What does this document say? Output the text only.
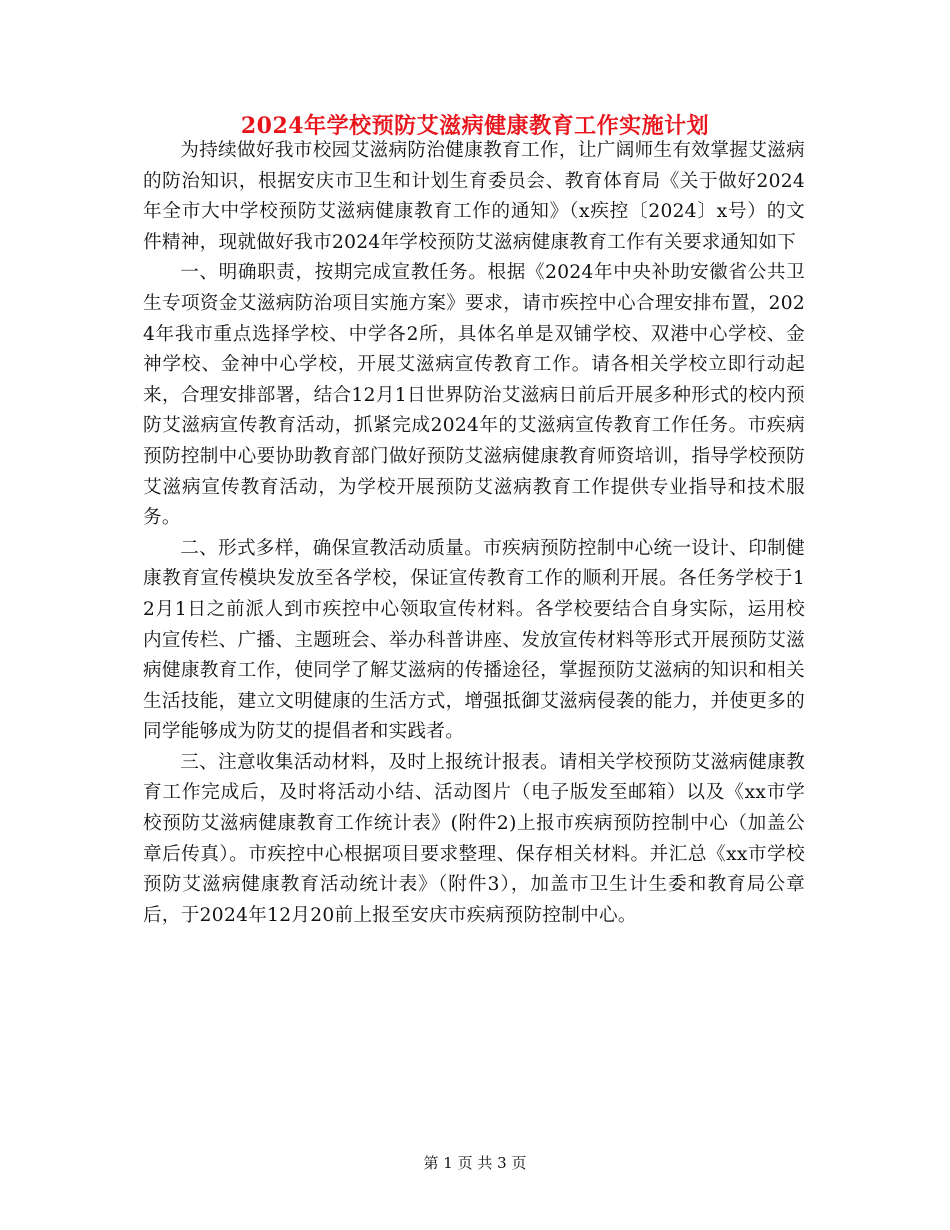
2024年学校预防艾滋病健康教育工作实施计划

为持续做好我市校园艾滋病防治健康教育工作，让广阔师生有效掌握艾滋病的防治知识，根据安庆市卫生和计划生育委员会、教育体育局《关于做好2024年全市大中学校预防艾滋病健康教育工作的通知》（x疾控〔2024〕x号）的文件精神，现就做好我市2024年学校预防艾滋病健康教育工作有关要求通知如下

一、明确职责，按期完成宣教任务。根据《2024年中央补助安徽省公共卫生专项资金艾滋病防治项目实施方案》要求，请市疾控中心合理安排布置，2024年我市重点选择学校、中学各2所，具体名单是双铺学校、双港中心学校、金神学校、金神中心学校，开展艾滋病宣传教育工作。请各相关学校立即行动起来，合理安排部署，结合12月1日世界防治艾滋病日前后开展多种形式的校内预防艾滋病宣传教育活动，抓紧完成2024年的艾滋病宣传教育工作任务。市疾病预防控制中心要协助教育部门做好预防艾滋病健康教育师资培训，指导学校预防艾滋病宣传教育活动，为学校开展预防艾滋病教育工作提供专业指导和技术服务。

二、形式多样，确保宣教活动质量。市疾病预防控制中心统一设计、印制健康教育宣传模块发放至各学校，保证宣传教育工作的顺利开展。各任务学校于12月1日之前派人到市疾控中心领取宣传材料。各学校要结合自身实际，运用校内宣传栏、广播、主题班会、举办科普讲座、发放宣传材料等形式开展预防艾滋病健康教育工作，使同学了解艾滋病的传播途径，掌握预防艾滋病的知识和相关生活技能，建立文明健康的生活方式，增强抵御艾滋病侵袭的能力，并使更多的同学能够成为防艾的提倡者和实践者。

三、注意收集活动材料，及时上报统计报表。请相关学校预防艾滋病健康教育工作完成后，及时将活动小结、活动图片（电子版发至邮箱）以及《xx市学校预防艾滋病健康教育工作统计表》(附件2)上报市疾病预防控制中心（加盖公章后传真）。市疾控中心根据项目要求整理、保存相关材料。并汇总《xx市学校预防艾滋病健康教育活动统计表》（附件3），加盖市卫生计生委和教育局公章后，于2024年12月20前上报至安庆市疾病预防控制中心。

第 1 页 共 3 页
